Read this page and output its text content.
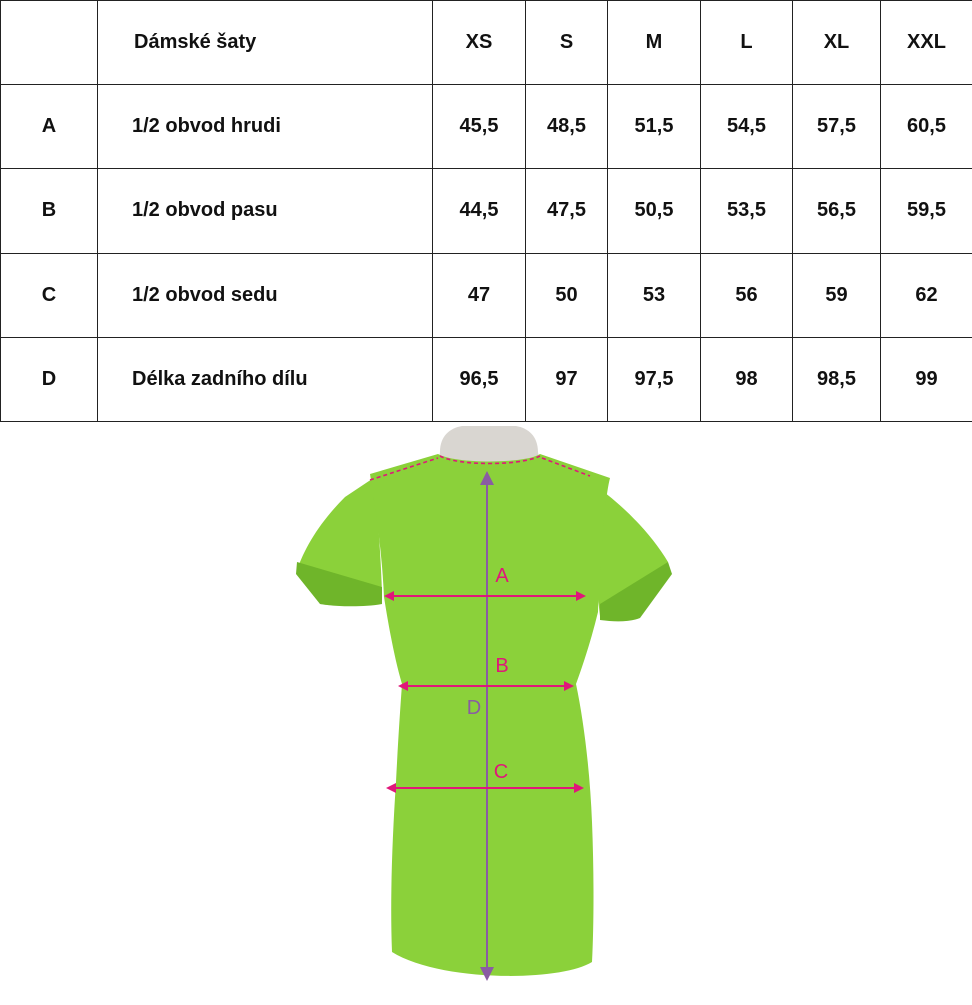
	Dámské šaty	XS	S	M	L	XL	XXL
A	1/2 obvod hrudi	45,5	48,5	51,5	54,5	57,5	60,5
B	1/2 obvod pasu	44,5	47,5	50,5	53,5	56,5	59,5
C	1/2 obvod sedu	47	50	53	56	59	62
D	Délka zadního dílu	96,5	97	97,5	98	98,5	99
A
B
C
D
